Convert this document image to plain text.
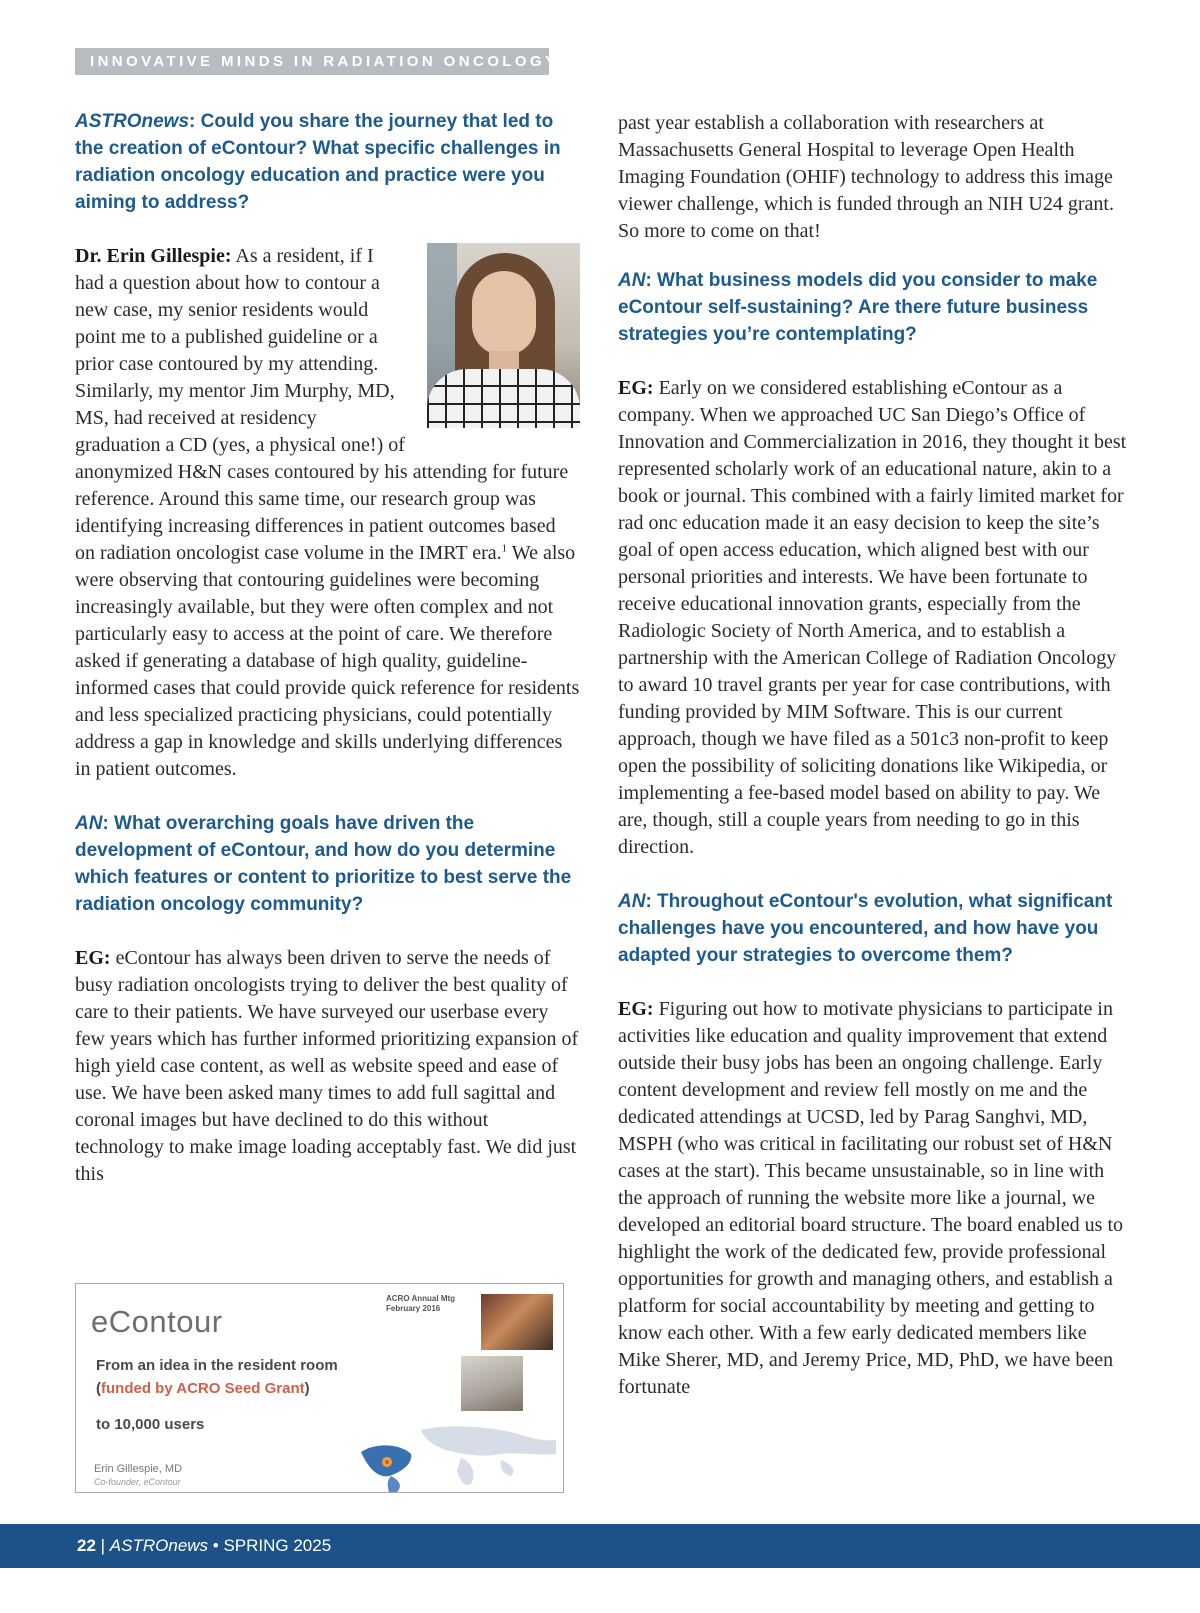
INNOVATIVE MINDS IN RADIATION ONCOLOGY
ASTROnews: Could you share the journey that led to the creation of eContour? What specific challenges in radiation oncology education and practice were you aiming to address?
Dr. Erin Gillespie: As a resident, if I had a question about how to contour a new case, my senior residents would point me to a published guideline or a prior case contoured by my attending. Similarly, my mentor Jim Murphy, MD, MS, had received at residency graduation a CD (yes, a physical one!) of anonymized H&N cases contoured by his attending for future reference. Around this same time, our research group was identifying increasing differences in patient outcomes based on radiation oncologist case volume in the IMRT era.$^1$ We also were observing that contouring guidelines were becoming increasingly available, but they were often complex and not particularly easy to access at the point of care. We therefore asked if generating a database of high quality, guideline-informed cases that could provide quick reference for residents and less specialized practicing physicians, could potentially address a gap in knowledge and skills underlying differences in patient outcomes.
AN: What overarching goals have driven the development of eContour, and how do you determine which features or content to prioritize to best serve the radiation oncology community?
EG: eContour has always been driven to serve the needs of busy radiation oncologists trying to deliver the best quality of care to their patients. We have surveyed our userbase every few years which has further informed prioritizing expansion of high yield case content, as well as website speed and ease of use. We have been asked many times to add full sagittal and coronal images but have declined to do this without technology to make image loading acceptably fast. We did just this
eContour
ACRO Annual Mtg
February 2016
From an idea in the resident room
(funded by ACRO Seed Grant)
to 10,000 users
Erin Gillespie, MD
Co-founder, eContour
past year establish a collaboration with researchers at Massachusetts General Hospital to leverage Open Health Imaging Foundation (OHIF) technology to address this image viewer challenge, which is funded through an NIH U24 grant. So more to come on that!
AN: What business models did you consider to make eContour self-sustaining? Are there future business strategies you’re contemplating?
EG: Early on we considered establishing eContour as a company. When we approached UC San Diego’s Office of Innovation and Commercialization in 2016, they thought it best represented scholarly work of an educational nature, akin to a book or journal. This combined with a fairly limited market for rad onc education made it an easy decision to keep the site’s goal of open access education, which aligned best with our personal priorities and interests. We have been fortunate to receive educational innovation grants, especially from the Radiologic Society of North America, and to establish a partnership with the American College of Radiation Oncology to award 10 travel grants per year for case contributions, with funding provided by MIM Software. This is our current approach, though we have filed as a 501c3 non-profit to keep open the possibility of soliciting donations like Wikipedia, or implementing a fee-based model based on ability to pay. We are, though, still a couple years from needing to go in this direction.
AN: Throughout eContour's evolution, what significant challenges have you encountered, and how have you adapted your strategies to overcome them?
EG: Figuring out how to motivate physicians to participate in activities like education and quality improvement that extend outside their busy jobs has been an ongoing challenge. Early content development and review fell mostly on me and the dedicated attendings at UCSD, led by Parag Sanghvi, MD, MSPH (who was critical in facilitating our robust set of H&N cases at the start). This became unsustainable, so in line with the approach of running the website more like a journal, we developed an editorial board structure. The board enabled us to highlight the work of the dedicated few, provide professional opportunities for growth and managing others, and establish a platform for social accountability by meeting and getting to know each other. With a few early dedicated members like Mike Sherer, MD, and Jeremy Price, MD, PhD, we have been fortunate
22 | ASTROnews • SPRING 2025
